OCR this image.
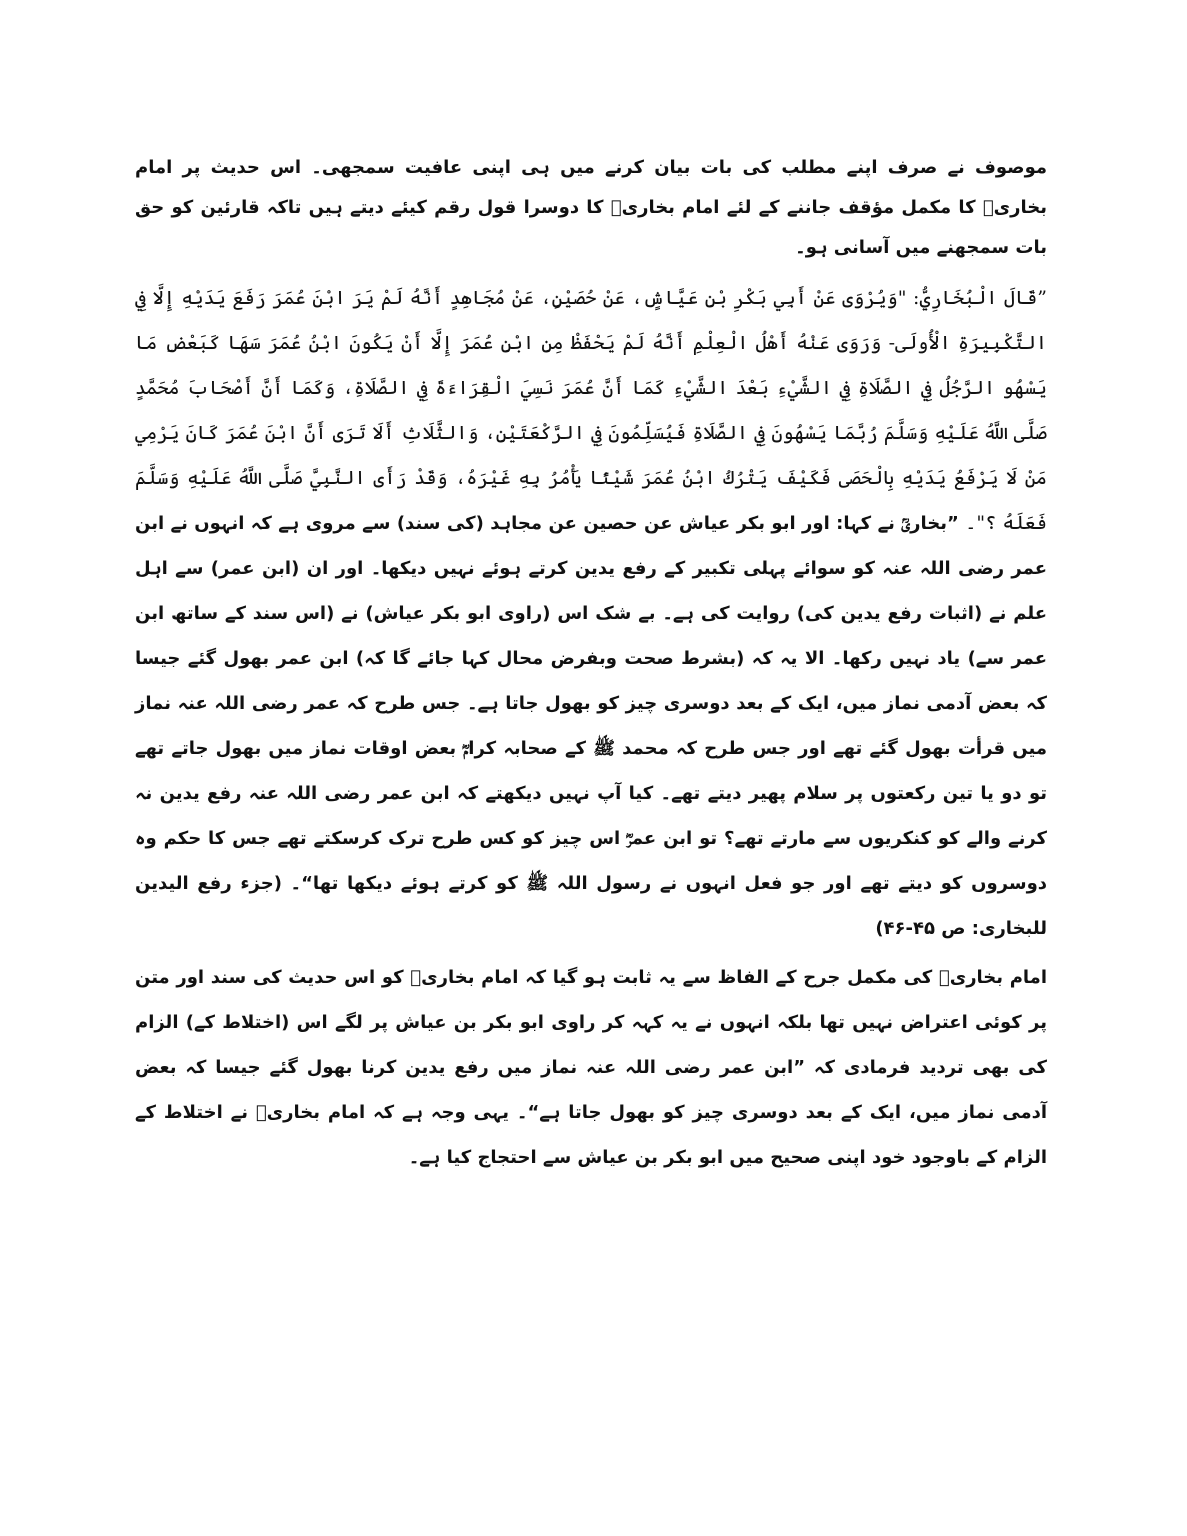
موصوف نے صرف اپنے مطلب کی بات بیان کرنے میں ہی اپنی عافیت سمجھی۔ اس حدیث پر امام بخاریؒ کا مکمل مؤقف جاننے کے لئے امام بخاریؒ کا دوسرا قول رقم کیئے دیتے ہیں تاکہ قارئین کو حق بات سمجھنے میں آسانی ہو۔

”قَالَ الْبُخَارِيُّ: "وَيُرْوَى عَنْ أَبِي بَكْرِ بْنِ عَيَّاشٍ، عَنْ حُصَيْنٍ، عَنْ مُجَاهِدٍ أَنَّهُ لَمْ يَرَ ابْنَ عُمَرَ رَفَعَ يَدَيْهِ إِلَّا فِي التَّكْبِيرَةِ الْأُولَى- وَرَوَى عَنْهُ أَهْلُ الْعِلْمِ أَنَّهُ لَمْ يَحْفَظْ مِنِ ابْنِ عُمَرَ إِلَّا أَنْ يَكُونَ ابْنُ عُمَرَ سَهَا كَبَعْضِ مَا يَسْهُو الرَّجُلُ فِي الصَّلَاةِ فِي الشَّيْءِ بَعْدَ الشَّيْءِ كَمَا أَنَّ عُمَرَ نَسِيَ الْقِرَاءَةَ فِي الصَّلَاةِ، وَكَمَا أَنَّ أَصْحَابَ مُحَمَّدٍ صَلَّى اللَّهُ عَلَيْهِ وَسَلَّمَ رُبَّمَا يَسْهُونَ فِي الصَّلَاةِ فَيُسَلِّمُونَ فِي الرَّكْعَتَيْنِ، وَالثَّلَاثِ أَلَا تَرَى أَنَّ ابْنَ عُمَرَ كَانَ يَرْمِي مَنْ لَا يَرْفَعُ يَدَيْهِ بِالْحَصَى فَكَيْفَ يَتْرُكُ ابْنُ عُمَرَ شَيْئًا يَأْمُرُ بِهِ غَيْرَهُ، وَقَدْ رَأَى النَّبِيَّ صَلَّى اللَّهُ عَلَيْهِ وَسَلَّمَ فَعَلَهُ ؟"۔ ”بخاریؒ نے کہا: اور ابو بکر عیاش عن حصین عن مجاہد (کی سند) سے مروی ہے کہ انہوں نے ابن عمر رضی اللہ عنہ کو سوائے پہلی تکبیر کے رفع یدین کرتے ہوئے نہیں دیکھا۔ اور ان (ابن عمر) سے اہل علم نے (اثبات رفع یدین کی) روایت کی ہے۔ بے شک اس (راوی ابو بکر عیاش) نے (اس سند کے ساتھ ابن عمر سے) یاد نہیں رکھا۔ الا یہ کہ (بشرط صحت وبفرض محال کہا جائے گا کہ) ابن عمر بھول گئے جیسا کہ بعض آدمی نماز میں، ایک کے بعد دوسری چیز کو بھول جاتا ہے۔ جس طرح کہ عمر رضی اللہ عنہ نماز میں قرأت بھول گئے تھے اور جس طرح کہ محمد ﷺ کے صحابہ کرامؓ بعض اوقات نماز میں بھول جاتے تھے تو دو یا تین رکعتوں پر سلام پھیر دیتے تھے۔ کیا آپ نہیں دیکھتے کہ ابن عمر رضی اللہ عنہ رفع یدین نہ کرنے والے کو کنکریوں سے مارتے تھے؟ تو ابن عمرؓ اس چیز کو کس طرح ترک کرسکتے تھے جس کا حکم وہ دوسروں کو دیتے تھے اور جو فعل انہوں نے رسول اللہ ﷺ کو کرتے ہوئے دیکھا تھا“۔ (جزء رفع الیدین للبخاری: ص ۴۵-۴۶)

امام بخاریؒ کی مکمل جرح کے الفاظ سے یہ ثابت ہو گیا کہ امام بخاریؒ کو اس حدیث کی سند اور متن پر کوئی اعتراض نہیں تھا بلکہ انہوں نے یہ کہہ کر راوی ابو بکر بن عیاش پر لگے اس (اختلاط کے) الزام کی بھی تردید فرمادی کہ ”ابن عمر رضی اللہ عنہ نماز میں رفع یدین کرنا بھول گئے جیسا کہ بعض آدمی نماز میں، ایک کے بعد دوسری چیز کو بھول جاتا ہے“۔ یہی وجہ ہے کہ امام بخاریؒ نے اختلاط کے الزام کے باوجود خود اپنی صحیح میں ابو بکر بن عیاش سے احتجاج کیا ہے۔
